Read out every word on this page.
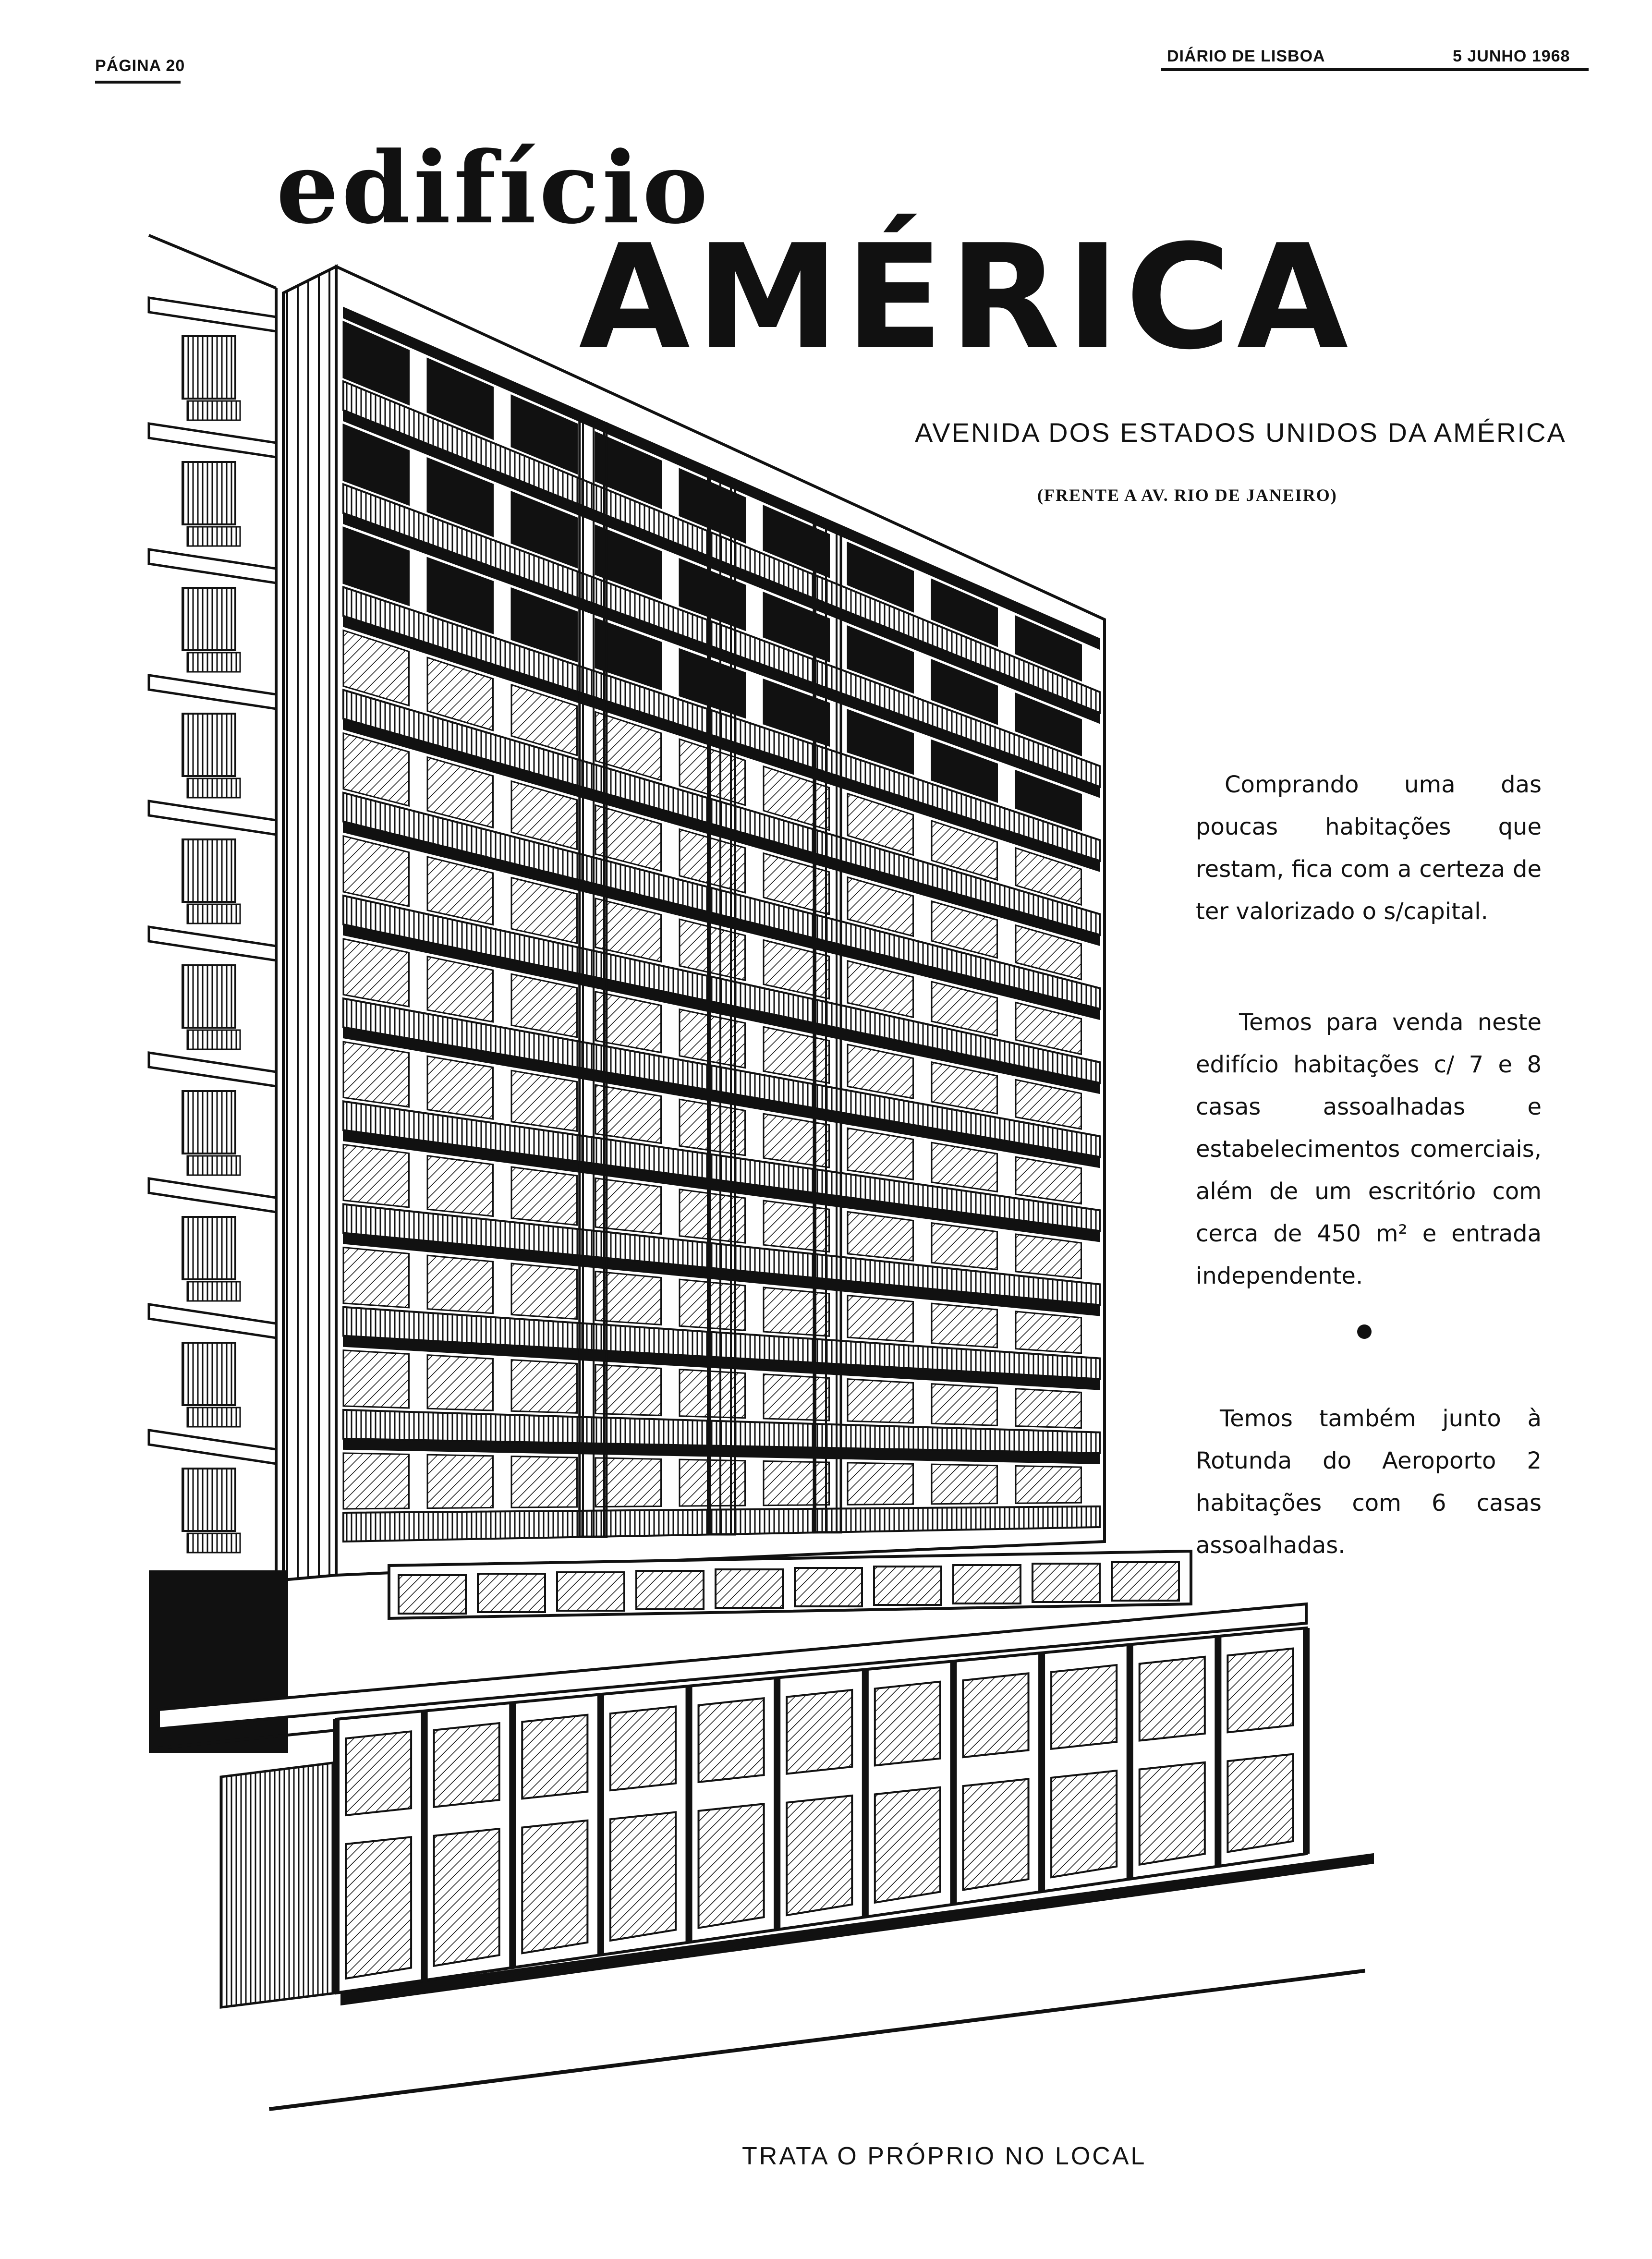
PÁGINA 20
DIÁRIO DE LISBOA	5 JUNHO 1968
edifício
AMÉRICA
AVENIDA DOS ESTADOS UNIDOS DA AMÉRICA
(FRENTE A AV. RIO DE JANEIRO)
Comprando uma das poucas habitações que restam, fica com a certeza de ter valorizado o s/capital.
Temos para venda neste edifício habitações c/ 7 e 8 casas assoalhadas e estabelecimentos comerciais, além de um escritório com cerca de 450 m² e entrada independente.
Temos também junto à Rotunda do Aeroporto 2 habitações com 6 casas assoalhadas.
TRATA O PRÓPRIO NO LOCAL
